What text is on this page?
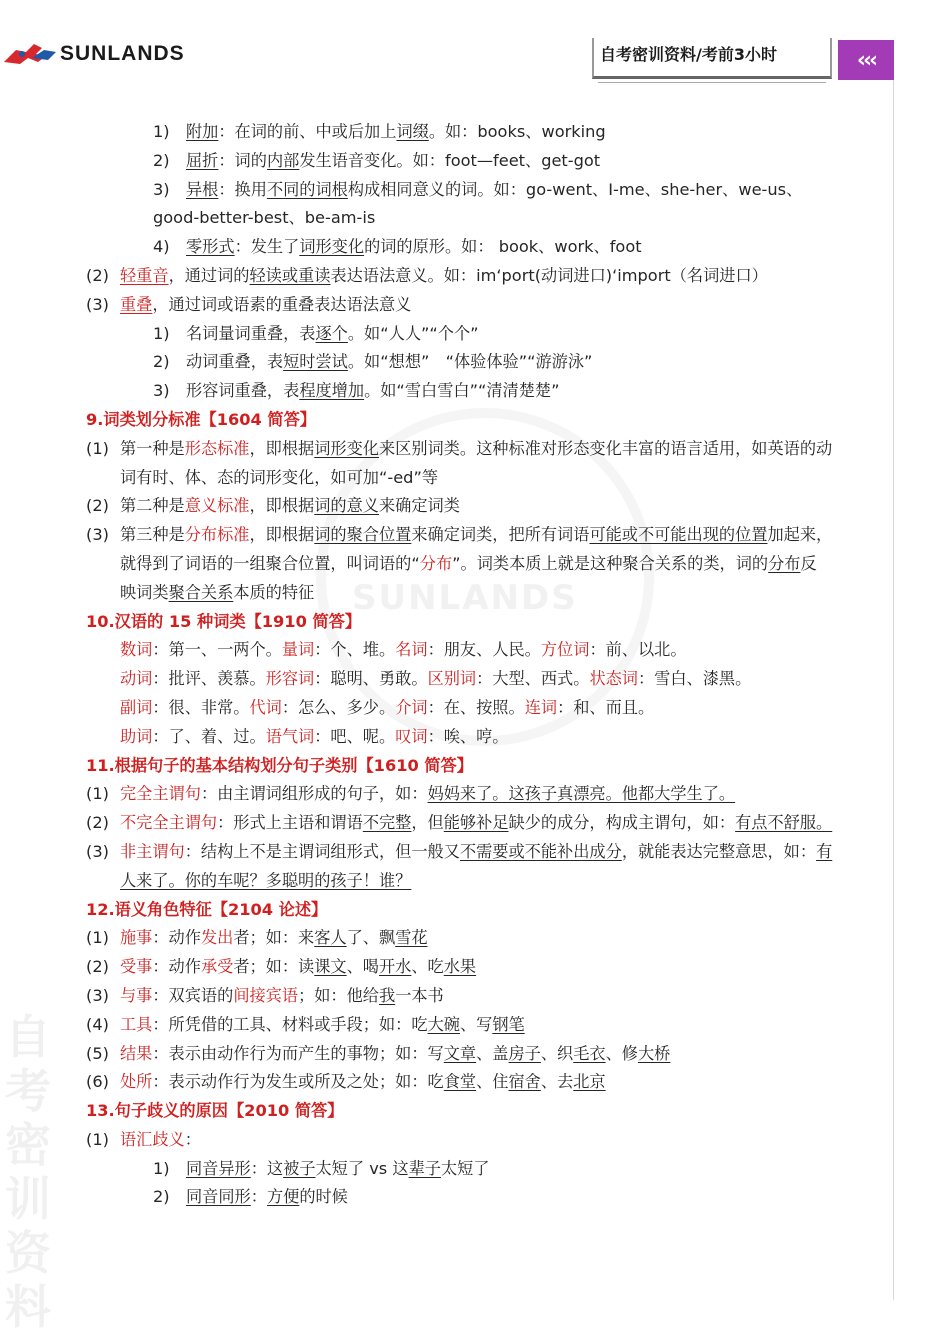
SUNLANDS	自考密训资料/考前3小时	‹‹‹
SUNLANDS
自考密训资料
1) 附加：在词的前、中或后加上词缀。如：books、working
2) 屈折：词的内部发生语音变化。如：foot—feet、get-got
3) 异根：换用不同的词根构成相同意义的词。如：go-went、I-me、she-her、we-us、
good-better-best、be-am-is
4) 零形式：发生了词形变化的词的原形。如： book、work、foot
(2) 轻重音，通过词的轻读或重读表达语法意义。如：im‘port(动词进口)‘import（名词进口）
(3) 重叠，通过词或语素的重叠表达语法意义
1) 名词量词重叠，表逐个。如“人人”“个个”
2) 动词重叠，表短时尝试。如“想想”　“体验体验”“游游泳”
3) 形容词重叠，表程度增加。如“雪白雪白”“清清楚楚”
9.词类划分标准【1604 简答】
(1) 第一种是形态标准，即根据词形变化来区别词类。这种标准对形态变化丰富的语言适用，如英语的动
词有时、体、态的词形变化，如可加“-ed”等
(2) 第二种是意义标准，即根据词的意义来确定词类
(3) 第三种是分布标准，即根据词的聚合位置来确定词类，把所有词语可能或不可能出现的位置加起来，
就得到了词语的一组聚合位置，叫词语的“分布”。词类本质上就是这种聚合关系的类，词的分布反
映词类聚合关系本质的特征
10.汉语的 15 种词类【1910 简答】
数词：第一、一两个。量词：个、堆。名词：朋友、人民。方位词：前、以北。
动词：批评、羡慕。形容词：聪明、勇敢。区别词：大型、西式。状态词：雪白、漆黑。
副词：很、非常。代词：怎么、多少。介词：在、按照。连词：和、而且。
助词：了、着、过。语气词：吧、呢。叹词：唉、哼。
11.根据句子的基本结构划分句子类别【1610 简答】
(1) 完全主谓句：由主谓词组形成的句子，如：妈妈来了。这孩子真漂亮。他都大学生了。
(2) 不完全主谓句：形式上主语和谓语不完整，但能够补足缺少的成分，构成主谓句，如：有点不舒服。
(3) 非主谓句：结构上不是主谓词组形式，但一般又不需要或不能补出成分，就能表达完整意思，如：有
人来了。你的车呢？多聪明的孩子！谁？
12.语义角色特征【2104 论述】
(1) 施事：动作发出者；如：来客人了、飘雪花
(2) 受事：动作承受者；如：读课文、喝开水、吃水果
(3) 与事：双宾语的间接宾语；如：他给我一本书
(4) 工具：所凭借的工具、材料或手段；如：吃大碗、写钢笔
(5) 结果：表示由动作行为而产生的事物；如：写文章、盖房子、织毛衣、修大桥
(6) 处所：表示动作行为发生或所及之处；如：吃食堂、住宿舍、去北京
13.句子歧义的原因【2010 简答】
(1) 语汇歧义：
1) 同音异形：这被子太短了 vs 这辈子太短了
2) 同音同形：方便的时候
